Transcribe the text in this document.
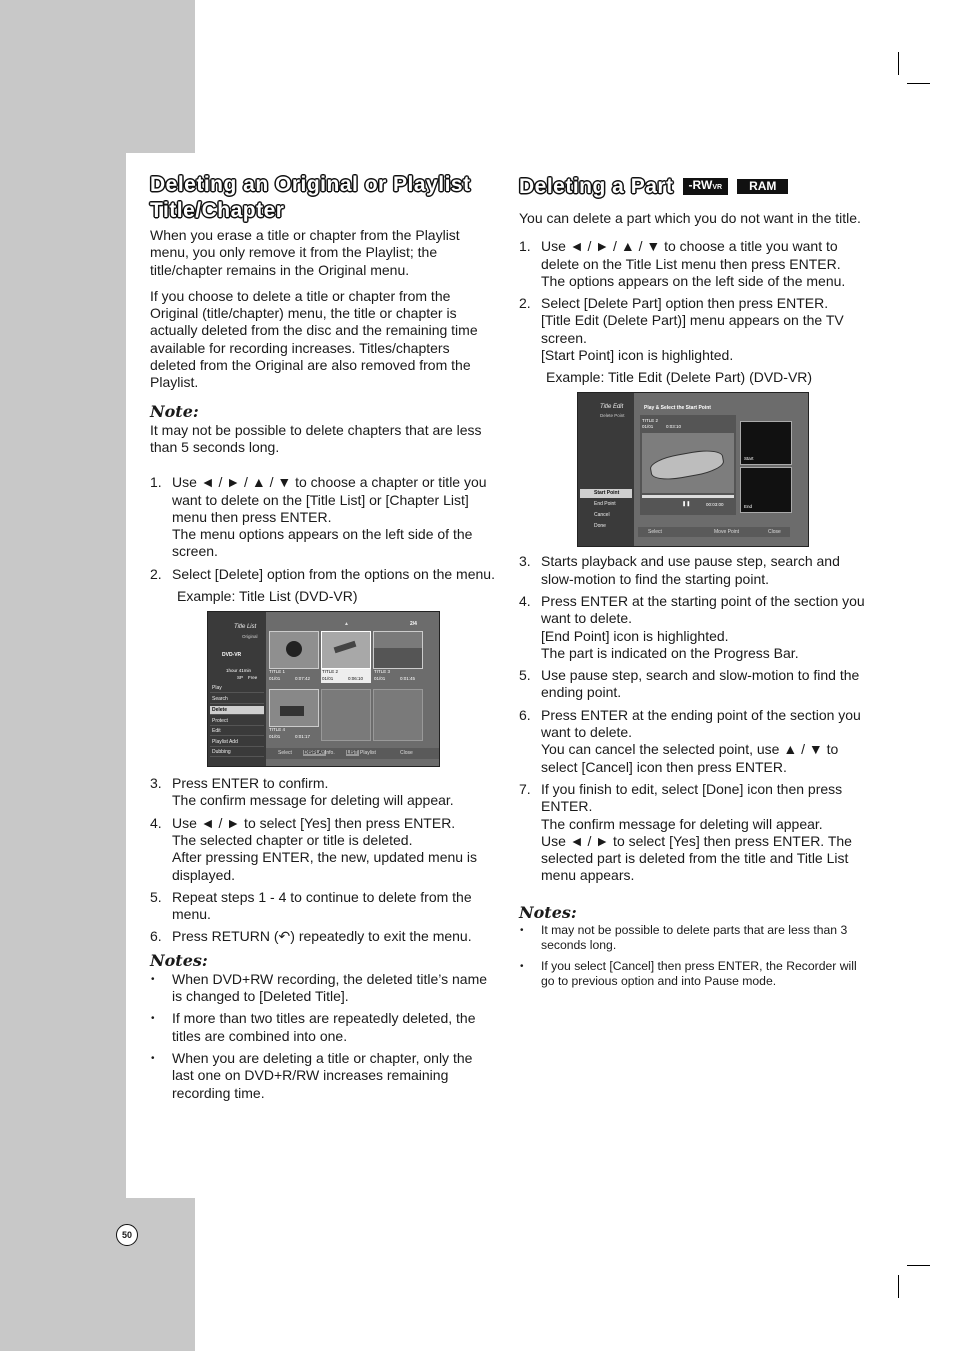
50
Deleting an Original or Playlist Title/Chapter

When you erase a title or chapter from the Playlist menu, you only remove it from the Playlist; the title/chapter remains in the Original menu.

If you choose to delete a title or chapter from the Original (title/chapter) menu, the title or chapter is actually deleted from the disc and the remaining time available for recording increases. Titles/chapters deleted from the Original are also removed from the Playlist.

Note:

It may not be possible to delete chapters that are less than 5 seconds long.

1. Use ◄ / ► / ▲ / ▼ to choose a chapter or title you want to delete on the [Title List] or [Chapter List] menu then press ENTER.
The menu options appears on the left side of the screen.
2. Select [Delete] option from the options on the menu.
Example: Title List (DVD-VR)
Title List
Original
DVD-VR
1hour 41min
SP Free
Play
Search
Delete
Protect
Edit
Playlist Add
Dubbing
2/4
▲
TITLE 1
01/01	0:07:42
TITLE 2
01/01	0:06:10
TITLE 3
01/01	0:01:45
TITLE 4
01/01	0:01:17
Select DISPLAY Info. LIST Playlist	Close
3. Press ENTER to confirm.
The confirm message for deleting will appear.
4. Use ◄ / ► to select [Yes] then press ENTER.
The selected chapter or title is deleted.
After pressing ENTER, the new, updated menu is displayed.
5. Repeat steps 1 - 4 to continue to delete from the menu.
6. Press RETURN (↶) repeatedly to exit the menu.
Notes:
• When DVD+RW recording, the deleted title’s name is changed to [Deleted Title].
• If more than two titles are repeatedly deleted, the titles are combined into one.
• When you are deleting a title or chapter, only the last one on DVD+R/RW increases remaining recording time.
Deleting a Part	-RWVR	RAM

You can delete a part which you do not want in the title.

1. Use ◄ / ► / ▲ / ▼ to choose a title you want to delete on the Title List menu then press ENTER.
The options appears on the left side of the menu.
2. Select [Delete Part] option then press ENTER.
[Title Edit (Delete Part)] menu appears on the TV screen.
[Start Point] icon is highlighted.
Example: Title Edit (Delete Part) (DVD-VR)
Title Edit
Delete Point
Start Point
End Point
Cancel
Done
Play & Select the Start Point
TITLE 2
01/01	0:03:10
❚❚	00:03:00
Start
End
Select	Move Point	Close
3. Starts playback and use pause step, search and slow-motion to find the starting point.
4. Press ENTER at the starting point of the section you want to delete.
[End Point] icon is highlighted.
The part is indicated on the Progress Bar.
5. Use pause step, search and slow-motion to find the ending point.
6. Press ENTER at the ending point of the section you want to delete.
You can cancel the selected point, use ▲ / ▼ to select [Cancel] icon then press ENTER.
7. If you finish to edit, select [Done] icon then press ENTER.
The confirm message for deleting will appear.
Use ◄ / ► to select [Yes] then press ENTER. The selected part is deleted from the title and Title List menu appears.
Notes:
• It may not be possible to delete parts that are less than 3 seconds long.
• If you select [Cancel] then press ENTER, the Recorder will go to previous option and into Pause mode.
